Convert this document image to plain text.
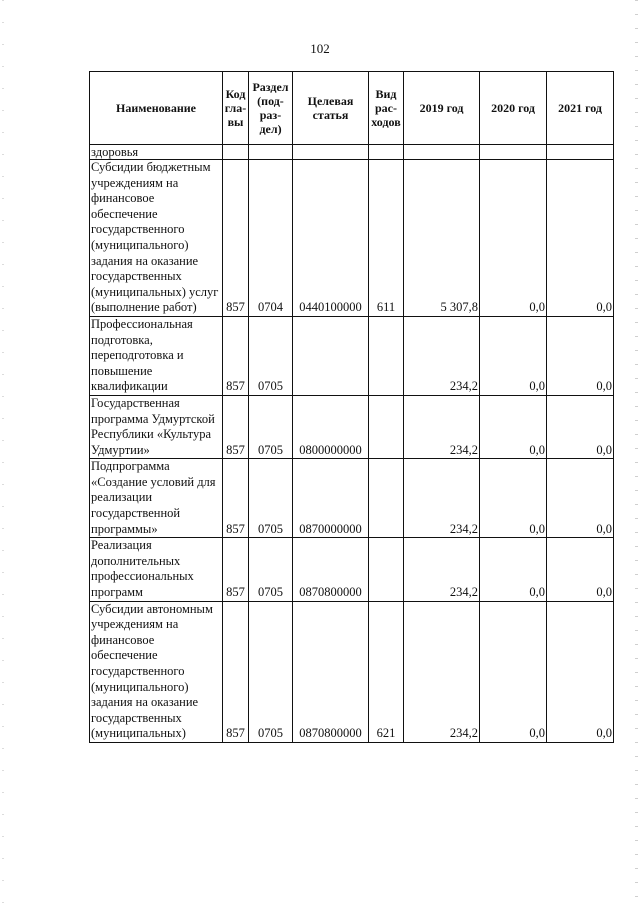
102
Наименование	Код гла- вы	Раздел (под- раз- дел)	Целевая статья	Вид рас- ходов	2019 год	2020 год	2021 год
здоровья							
Субсидии бюджетным учреждениям на финансовое обеспечение государственного (муниципального) задания на оказание государственных (муниципальных) услуг (выполнение работ)	857	0704	0440100000	611	5 307,8	0,0	0,0
Профессиональная подготовка, переподготовка и повышение квалификации	857	0705			234,2	0,0	0,0
Государственная программа Удмуртской Республики «Культура Удмуртии»	857	0705	0800000000		234,2	0,0	0,0
Подпрограмма «Создание условий для реализации государственной программы»	857	0705	0870000000		234,2	0,0	0,0
Реализация дополнительных профессиональных программ	857	0705	0870800000		234,2	0,0	0,0
Субсидии автономным учреждениям на финансовое обеспечение государственного (муниципального) задания на оказание государственных (муниципальных)	857	0705	0870800000	621	234,2	0,0	0,0
